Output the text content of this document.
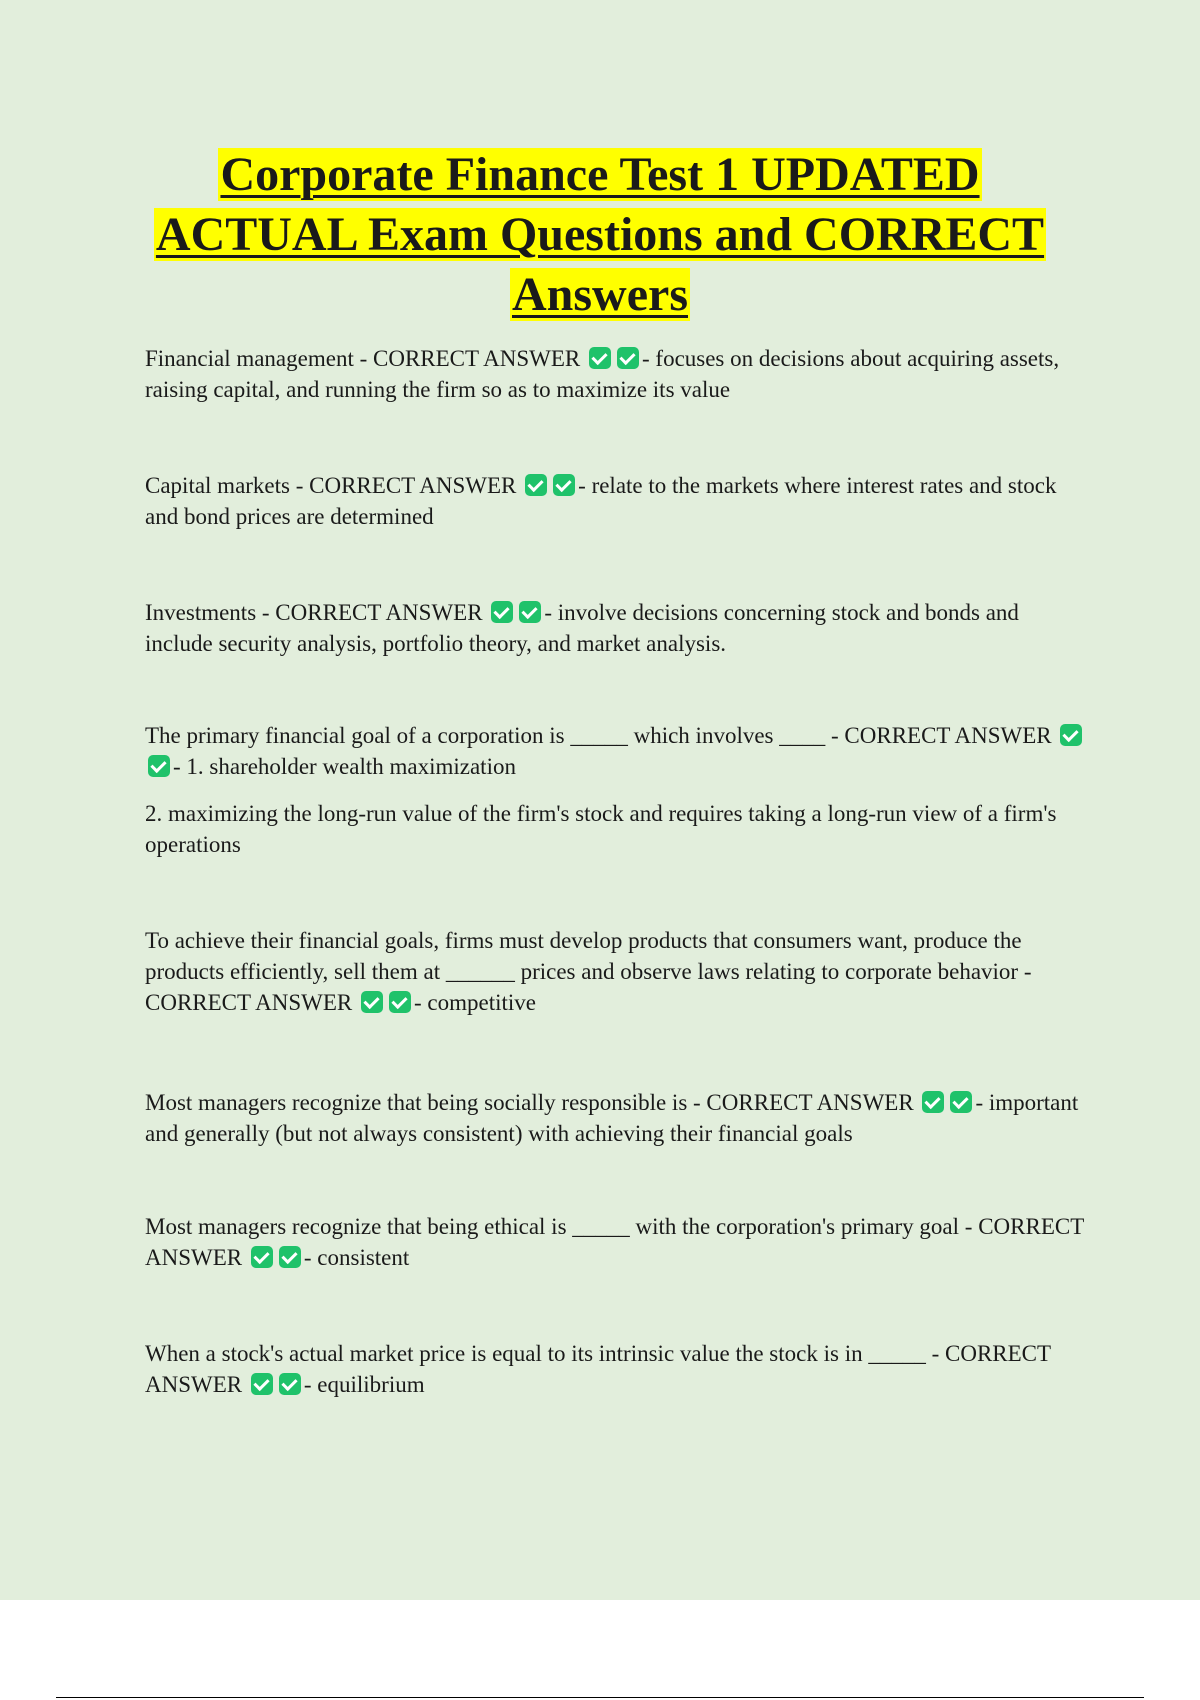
Corporate Finance Test 1 UPDATED
ACTUAL Exam Questions and CORRECT
Answers

Financial management - CORRECT ANSWER	- focuses on decisions about acquiring assets, raising capital, and running the firm so as to maximize its value

Capital markets - CORRECT ANSWER	- relate to the markets where interest rates and stock and bond prices are determined

Investments - CORRECT ANSWER	- involve decisions concerning stock and bonds and include security analysis, portfolio theory, and market analysis.

The primary financial goal of a corporation is _____ which involves ____ - CORRECT ANSWER - 1. shareholder wealth maximization

2. maximizing the long-run value of the firm's stock and requires taking a long-run view of a firm's operations

To achieve their financial goals, firms must develop products that consumers want, produce the products efficiently, sell them at ______ prices and observe laws relating to corporate behavior - CORRECT ANSWER	- competitive

Most managers recognize that being socially responsible is - CORRECT ANSWER	- important and generally (but not always consistent) with achieving their financial goals

Most managers recognize that being ethical is _____ with the corporation's primary goal - CORRECT ANSWER	- consistent

When a stock's actual market price is equal to its intrinsic value the stock is in _____ - CORRECT ANSWER	- equilibrium
